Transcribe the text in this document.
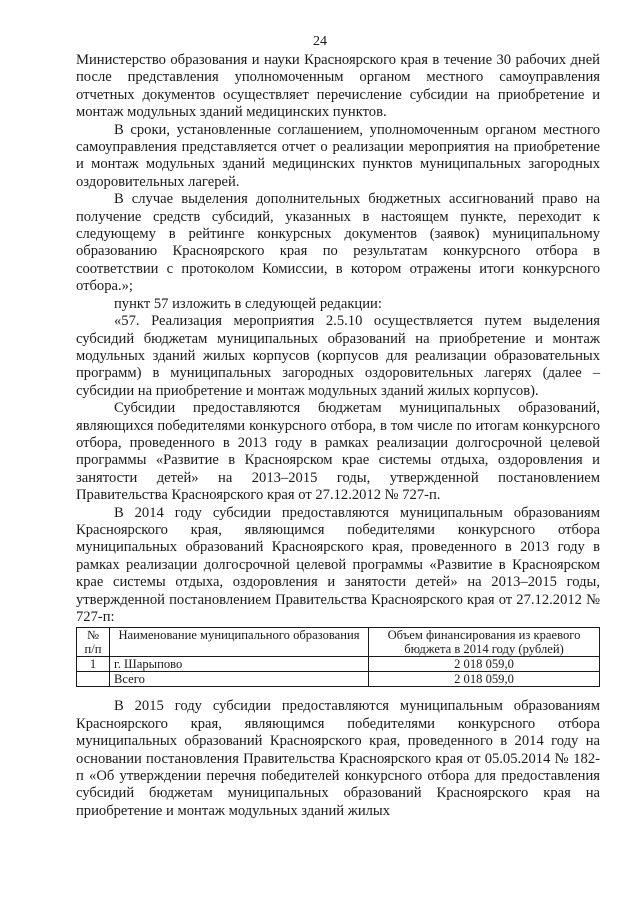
24

Министерство образования и науки Красноярского края в течение 30 рабочих дней после представления уполномоченным органом местного самоуправления отчетных документов осуществляет перечисление субсидии на приобретение и монтаж модульных зданий медицинских пунктов.

В сроки, установленные соглашением, уполномоченным органом местного самоуправления представляется отчет о реализации мероприятия на приобретение и монтаж модульных зданий медицинских пунктов муниципальных загородных оздоровительных лагерей.

В случае выделения дополнительных бюджетных ассигнований право на получение средств субсидий, указанных в настоящем пункте, переходит к следующему в рейтинге конкурсных документов (заявок) муниципальному образованию Красноярского края по результатам конкурсного отбора в соответствии с протоколом Комиссии, в котором отражены итоги конкурсного отбора.»;

пункт 57 изложить в следующей редакции:

«57. Реализация мероприятия 2.5.10 осуществляется путем выделения субсидий бюджетам муниципальных образований на приобретение и монтаж модульных зданий жилых корпусов (корпусов для реализации образовательных программ) в муниципальных загородных оздоровительных лагерях (далее – субсидии на приобретение и монтаж модульных зданий жилых корпусов).

Субсидии предоставляются бюджетам муниципальных образований, являющихся победителями конкурсного отбора, в том числе по итогам конкурсного отбора, проведенного в 2013 году в рамках реализации долгосрочной целевой программы «Развитие в Красноярском крае системы отдыха, оздоровления и занятости детей» на 2013–2015 годы, утвержденной постановлением Правительства Красноярского края от 27.12.2012 № 727-п.

В 2014 году субсидии предоставляются муниципальным образованиям Красноярского края, являющимся победителями конкурсного отбора муниципальных образований Красноярского края, проведенного в 2013 году в рамках реализации долгосрочной целевой программы «Развитие в Красноярском крае системы отдыха, оздоровления и занятости детей» на 2013–2015 годы, утвержденной постановлением Правительства Красноярского края от 27.12.2012 № 727-п:

№ п/п	Наименование муниципального образования	Объем финансирования из краевого бюджета в 2014 году (рублей)
1	г. Шарыпово	2 018 059,0
	Всего	2 018 059,0

В 2015 году субсидии предоставляются муниципальным образованиям Красноярского края, являющимся победителями конкурсного отбора муниципальных образований Красноярского края, проведенного в 2014 году на основании постановления Правительства Красноярского края от 05.05.2014 № 182-п «Об утверждении перечня победителей конкурсного отбора для предоставления субсидий бюджетам муниципальных образований Красноярского края на приобретение и монтаж модульных зданий жилых
